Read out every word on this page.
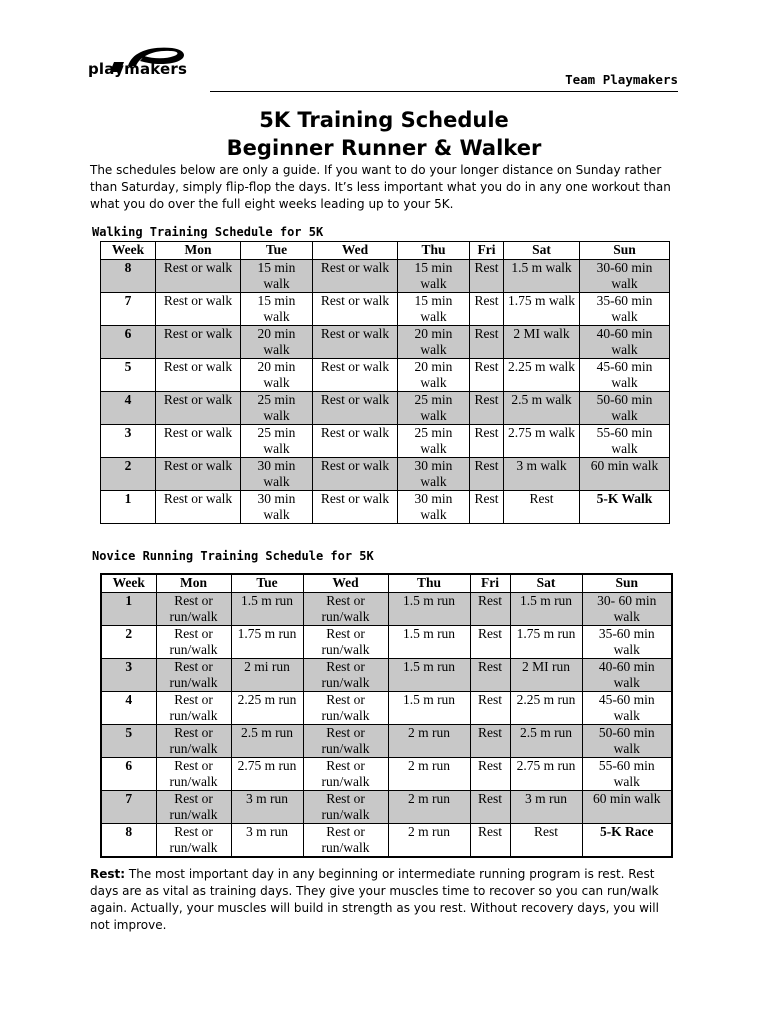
playmakers
Team Playmakers
5K Training Schedule
Beginner Runner & Walker
The schedules below are only a guide. If you want to do your longer distance on Sunday rather than Saturday, simply flip-flop the days. It’s less important what you do in any one workout than what you do over the full eight weeks leading up to your 5K.
Walking Training Schedule for 5K
Week	Mon	Tue	Wed	Thu	Fri	Sat	Sun
8	Rest or walk	15 min walk	Rest or walk	15 min walk	Rest	1.5 m walk	30-60 min walk
7	Rest or walk	15 min walk	Rest or walk	15 min walk	Rest	1.75 m walk	35-60 min walk
6	Rest or walk	20 min walk	Rest or walk	20 min walk	Rest	2 MI walk	40-60 min walk
5	Rest or walk	20 min walk	Rest or walk	20 min walk	Rest	2.25 m walk	45-60 min walk
4	Rest or walk	25 min walk	Rest or walk	25 min walk	Rest	2.5 m walk	50-60 min walk
3	Rest or walk	25 min walk	Rest or walk	25 min walk	Rest	2.75 m walk	55-60 min walk
2	Rest or walk	30 min walk	Rest or walk	30 min walk	Rest	3 m walk	60 min walk
1	Rest or walk	30 min walk	Rest or walk	30 min walk	Rest	Rest	5-K Walk
Novice Running Training Schedule for 5K
Week	Mon	Tue	Wed	Thu	Fri	Sat	Sun
1	Rest or run/walk	1.5 m run	Rest or run/walk	1.5 m run	Rest	1.5 m run	30- 60 min walk
2	Rest or run/walk	1.75 m run	Rest or run/walk	1.5 m run	Rest	1.75 m run	35-60 min walk
3	Rest or run/walk	2 mi run	Rest or run/walk	1.5 m run	Rest	2 MI run	40-60 min walk
4	Rest or run/walk	2.25 m run	Rest or run/walk	1.5 m run	Rest	2.25 m run	45-60 min walk
5	Rest or run/walk	2.5 m run	Rest or run/walk	2 m run	Rest	2.5 m run	50-60 min walk
6	Rest or run/walk	2.75 m run	Rest or run/walk	2 m run	Rest	2.75 m run	55-60 min walk
7	Rest or run/walk	3 m run	Rest or run/walk	2 m run	Rest	3 m run	60 min walk
8	Rest or run/walk	3 m run	Rest or run/walk	2 m run	Rest	Rest	5-K Race
Rest: The most important day in any beginning or intermediate running program is rest. Rest days are as vital as training days. They give your muscles time to recover so you can run/walk again. Actually, your muscles will build in strength as you rest. Without recovery days, you will not improve.
